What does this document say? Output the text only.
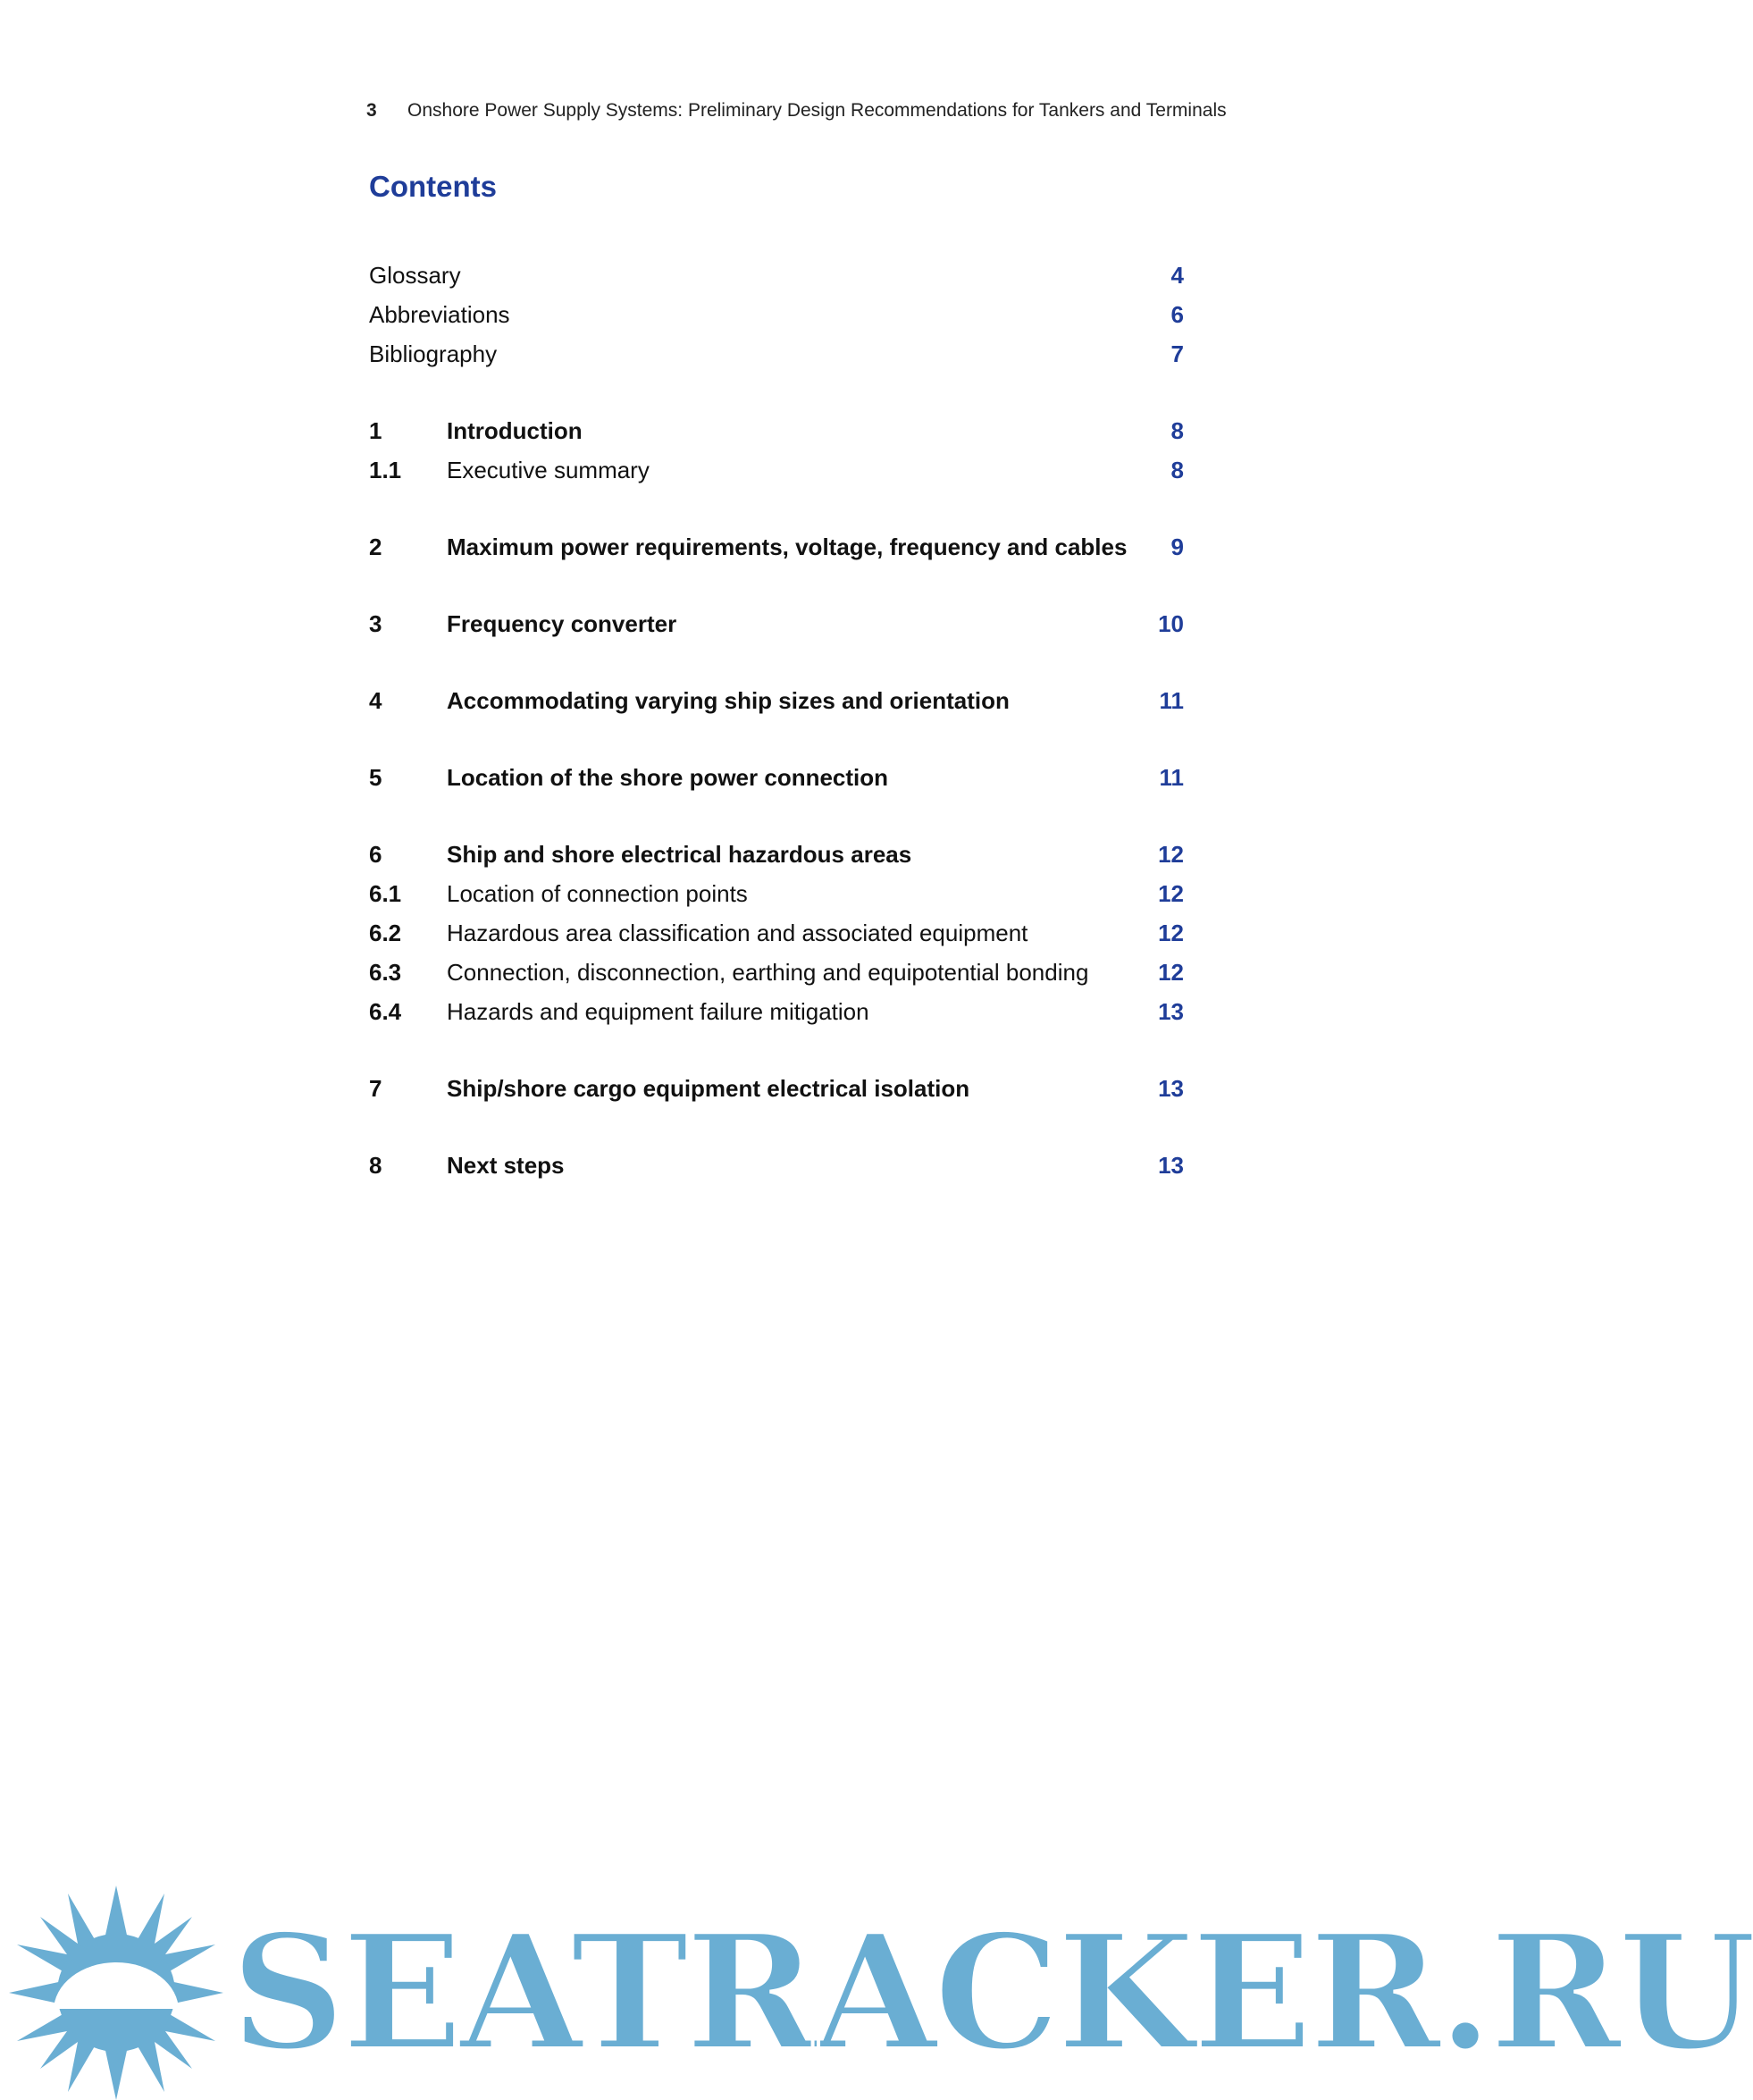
3 Onshore Power Supply Systems: Preliminary Design Recommendations for Tankers and Terminals
Contents
Glossary	4
Abbreviations	6
Bibliography	7
1	Introduction	8
1.1 Executive summary	8
2	Maximum power requirements, voltage, frequency and cables 9
3	Frequency converter	10
4	Accommodating varying ship sizes and orientation	11
5	Location of the shore power connection	11
6	Ship and shore electrical hazardous areas	12
6.1 Location of connection points	12
6.2 Hazardous area classification and associated equipment	12
6.3 Connection, disconnection, earthing and equipotential bonding	12
6.4 Hazards and equipment failure mitigation	13
7	Ship/shore cargo equipment electrical isolation	13
8	Next steps	13
SEATRACKER.RU
